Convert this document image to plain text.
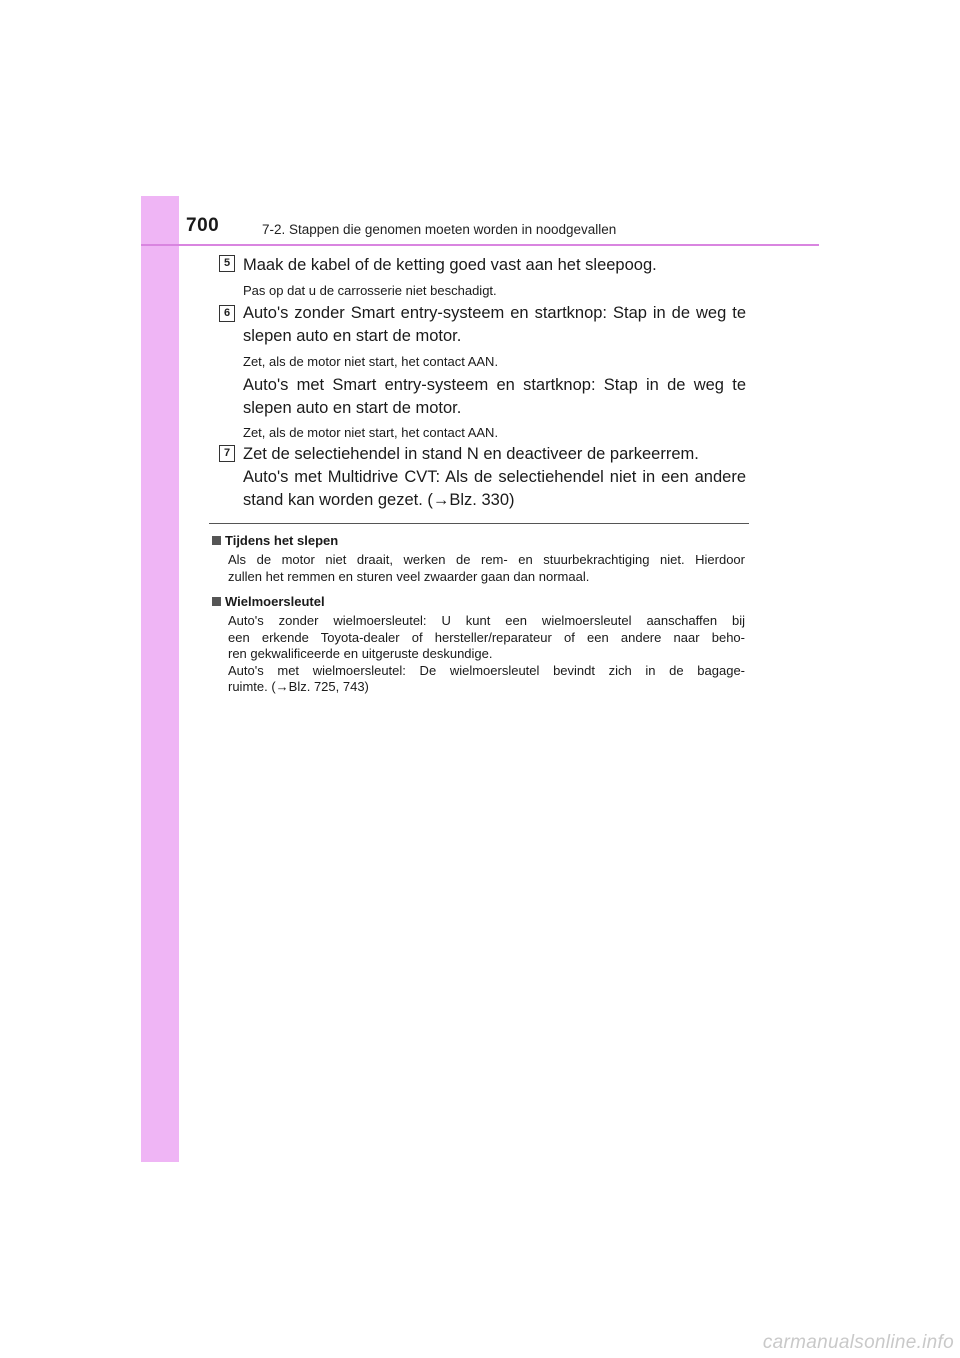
700	7-2. Stappen die genomen moeten worden in noodgevallen
5 Maak de kabel of de ketting goed vast aan het sleepoog.
Pas op dat u de carrosserie niet beschadigt.
6 Auto's zonder Smart entry-systeem en startknop: Stap in de weg te
slepen auto en start de motor.
Zet, als de motor niet start, het contact AAN.
Auto's met Smart entry-systeem en startknop: Stap in de weg te
slepen auto en start de motor.
Zet, als de motor niet start, het contact AAN.
7 Zet de selectiehendel in stand N en deactiveer de parkeerrem.
Auto's met Multidrive CVT: Als de selectiehendel niet in een andere
stand kan worden gezet. (→Blz. 330)
Tijdens het slepen
Als de motor niet draait, werken de rem- en stuurbekrachtiging niet. Hierdoor
zullen het remmen en sturen veel zwaarder gaan dan normaal.
Wielmoersleutel
Auto's zonder wielmoersleutel: U kunt een wielmoersleutel aanschaffen bij
een erkende Toyota-dealer of hersteller/reparateur of een andere naar beho-
ren gekwalificeerde en uitgeruste deskundige.
Auto's met wielmoersleutel: De wielmoersleutel bevindt zich in de bagage-
ruimte. (→Blz. 725, 743)
carmanualsonline.info
